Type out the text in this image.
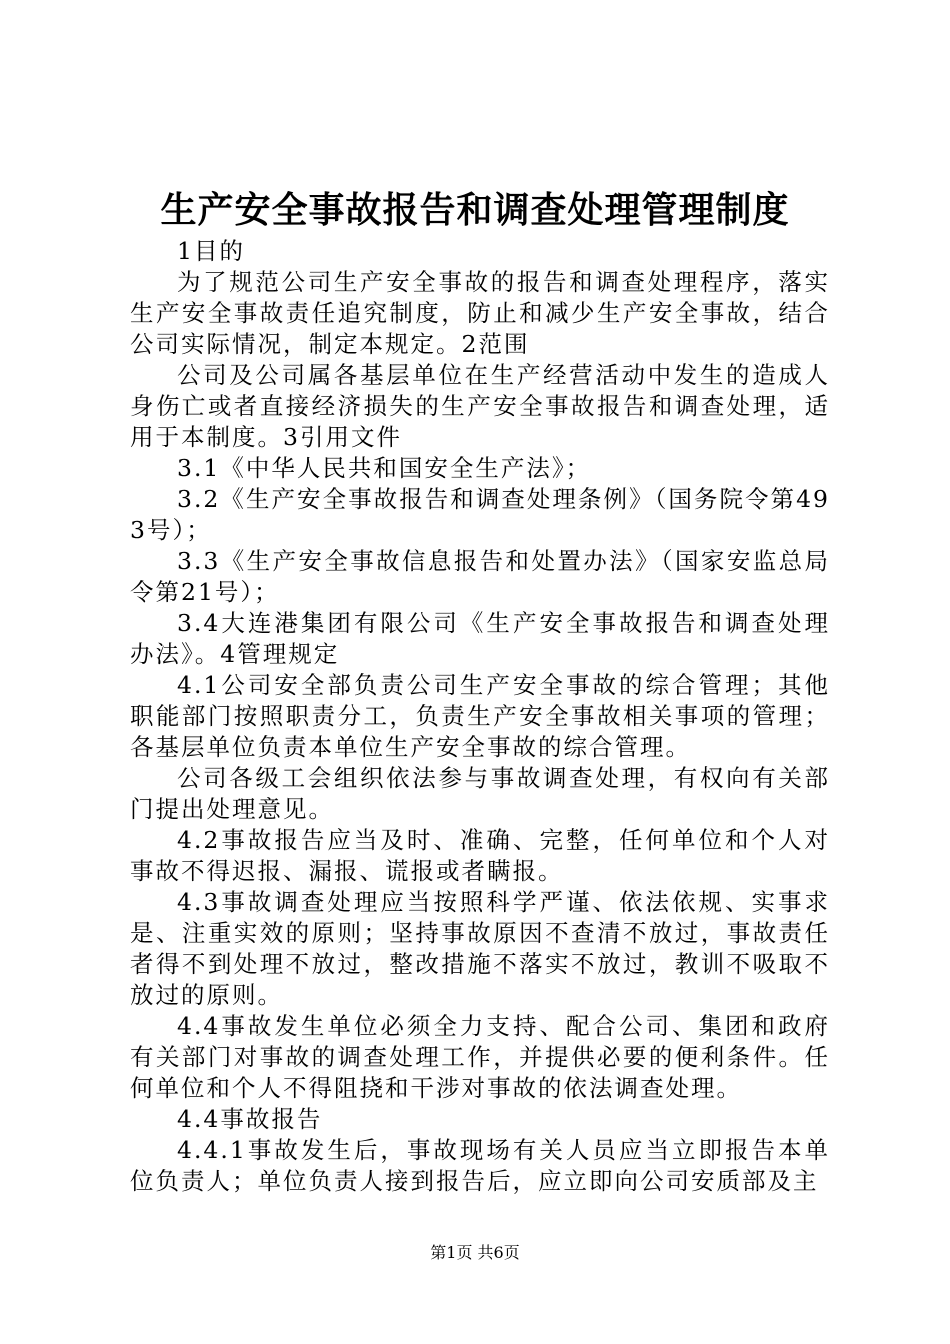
生产安全事故报告和调查处理管理制度

1目的

为了规范公司生产安全事故的报告和调查处理程序，落实生产安全事故责任追究制度，防止和减少生产安全事故，结合公司实际情况，制定本规定。2范围

公司及公司属各基层单位在生产经营活动中发生的造成人身伤亡或者直接经济损失的生产安全事故报告和调查处理，适用于本制度。3引用文件

3.1《中华人民共和国安全生产法》；

3.2《生产安全事故报告和调查处理条例》（国务院令第493号）；

3.3《生产安全事故信息报告和处置办法》（国家安监总局令第21号）；

3.4大连港集团有限公司《生产安全事故报告和调查处理办法》。4管理规定

4.1公司安全部负责公司生产安全事故的综合管理；其他职能部门按照职责分工，负责生产安全事故相关事项的管理；各基层单位负责本单位生产安全事故的综合管理。

公司各级工会组织依法参与事故调查处理，有权向有关部门提出处理意见。

4.2事故报告应当及时、准确、完整，任何单位和个人对事故不得迟报、漏报、谎报或者瞒报。

4.3事故调查处理应当按照科学严谨、依法依规、实事求是、注重实效的原则；坚持事故原因不查清不放过，事故责任者得不到处理不放过，整改措施不落实不放过，教训不吸取不放过的原则。

4.4事故发生单位必须全力支持、配合公司、集团和政府有关部门对事故的调查处理工作，并提供必要的便利条件。任何单位和个人不得阻挠和干涉对事故的依法调查处理。

4.4事故报告

4.4.1事故发生后，事故现场有关人员应当立即报告本单位负责人；单位负责人接到报告后，应立即向公司安质部及主

第1页 共6页
